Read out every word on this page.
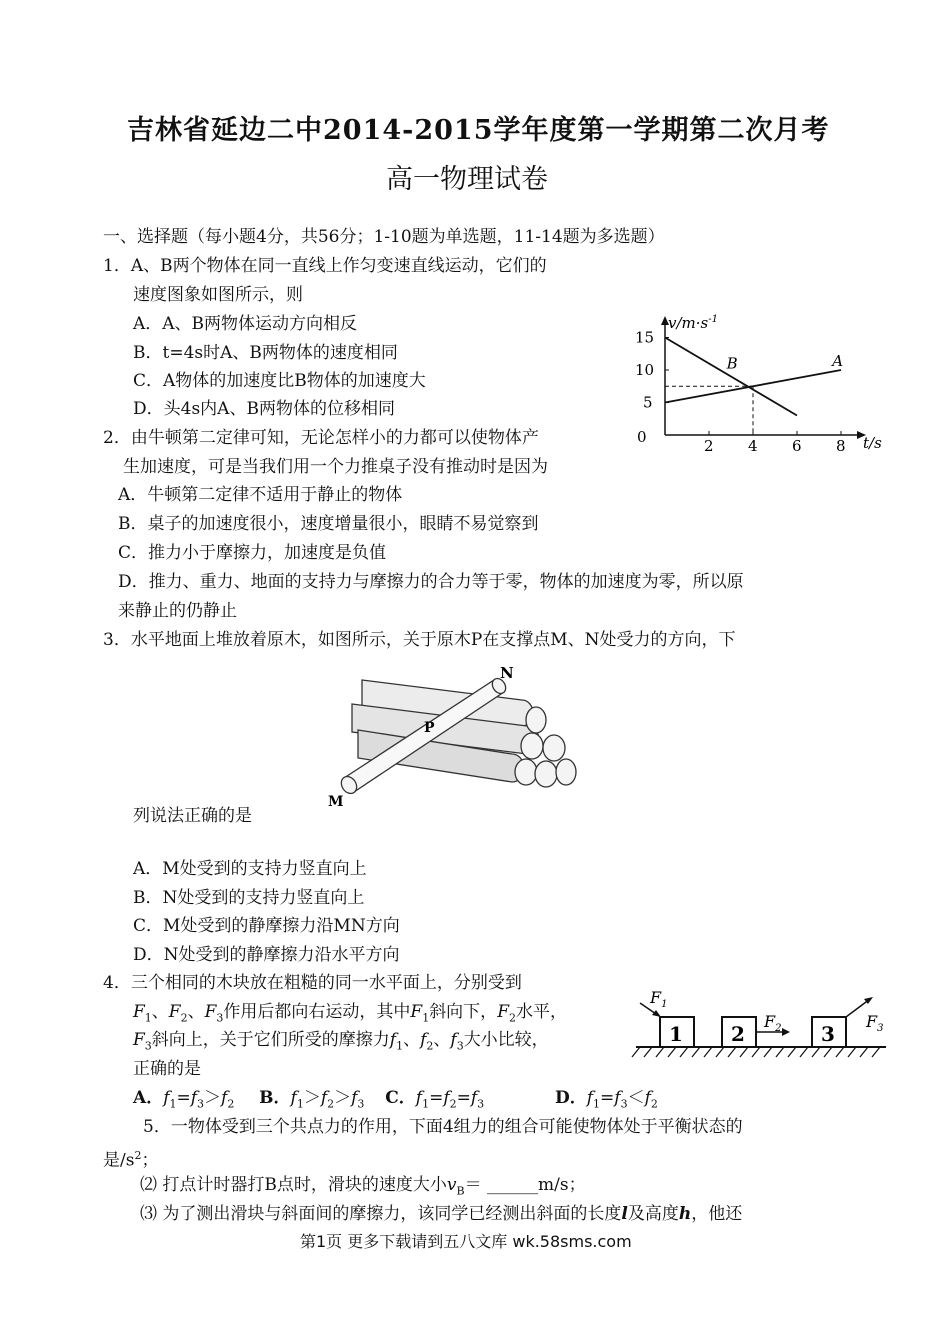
吉林省延边二中2014-2015学年度第一学期第二次月考
高一物理试卷
一、选择题（每小题4分，共56分；1-10题为单选题，11-14题为多选题）
1．A、B两个物体在同一直线上作匀变速直线运动，它们的
速度图象如图所示，则
A．A、B两物体运动方向相反
B．t=4s时A、B两物体的速度相同
C．A物体的加速度比B物体的加速度大
D．头4s内A、B两物体的位移相同
$v/m\cdot s^{-1}$
t/s
0	2 4 6 8
5
10
15
A
B
2．由牛顿第二定律可知，无论怎样小的力都可以使物体产
生加速度，可是当我们用一个力推桌子没有推动时是因为
A．牛顿第二定律不适用于静止的物体
B．桌子的加速度很小，速度增量很小，眼睛不易觉察到
C．推力小于摩擦力，加速度是负值
D．推力、重力、地面的支持力与摩擦力的合力等于零，物体的加速度为零，所以原
来静止的仍静止
3．水平地面上堆放着原木，如图所示，关于原木P在支撑点M、N处受力的方向，下
N
P
M
列说法正确的是
A．M处受到的支持力竖直向上
B．N处受到的支持力竖直向上
C．M处受到的静摩擦力沿MN方向
D．N处受到的静摩擦力沿水平方向
4．三个相同的木块放在粗糙的同一水平面上，分别受到
$F_1$、$F_2$、$F_3$作用后都向右运动，其中$F_1$斜向下，$F_2$水平，
$F_3$斜向上，关于它们所受的摩擦力$f_1$、$f_2$、$f_3$大小比较，
正确的是
A．$f_1=f_3>f_2$ B．$f_1>f_2>f_3$ C．$f_1=f_2=f_3$	D．$f_1=f_3<f_2$
1 2	3
$F_1$
$F_2$	$F_3$
5．一物体受到三个共点力的作用，下面4组力的组合可能使物体处于平衡状态的
是$/s^2$；
⑵ 打点计时器打B点时，滑块的速度大小$v_B=$ ______m/s；
⑶ 为了测出滑块与斜面间的摩擦力，该同学已经测出斜面的长度l及高度h，他还
第1页 更多下载请到五八文库 wk.58sms.com
